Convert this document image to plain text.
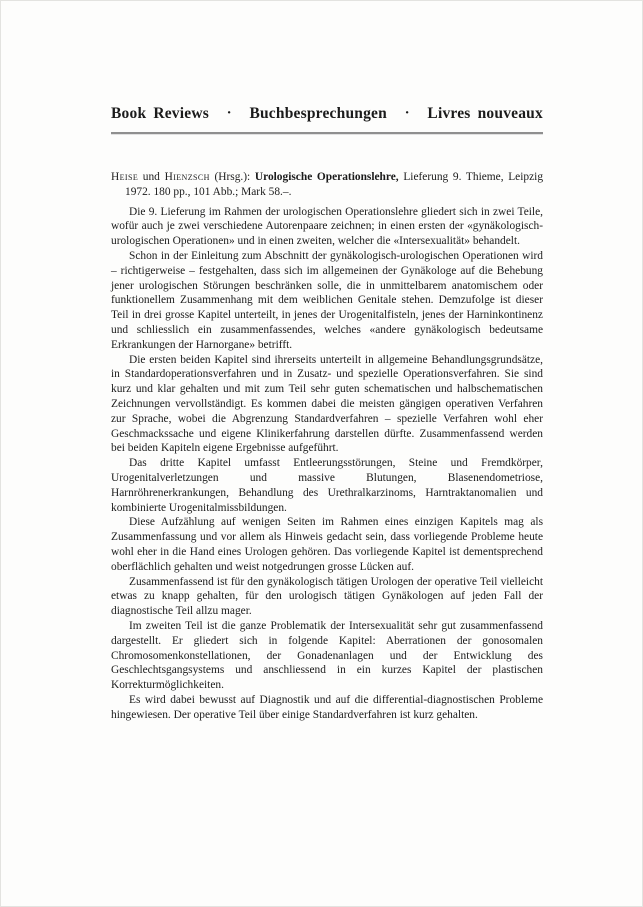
Book Reviews · Buchbesprechungen · Livres nouveaux
Heise und Hienzsch (Hrsg.): Urologische Operationslehre, Lieferung 9. Thieme, Leipzig 1972. 180 pp., 101 Abb.; Mark 58.–.

Die 9. Lieferung im Rahmen der urologischen Operationslehre gliedert sich in zwei Teile, wofür auch je zwei verschiedene Autorenpaare zeichnen; in einen ersten der «gynäkologisch-urologischen Operationen» und in einen zweiten, welcher die «Intersexualität» behandelt.

Schon in der Einleitung zum Abschnitt der gynäkologisch-urologischen Operationen wird – richtigerweise – festgehalten, dass sich im allgemeinen der Gynäkologe auf die Behebung jener urologischen Störungen beschränken solle, die in unmittelbarem anatomischem oder funktionellem Zusammenhang mit dem weiblichen Genitale stehen. Demzufolge ist dieser Teil in drei grosse Kapitel unterteilt, in jenes der Urogenitalfisteln, jenes der Harninkontinenz und schliesslich ein zusammenfassendes, welches «andere gynäkologisch bedeutsame Erkrankungen der Harnorgane» betrifft.

Die ersten beiden Kapitel sind ihrerseits unterteilt in allgemeine Behandlungsgrundsätze, in Standardoperationsverfahren und in Zusatz- und spezielle Operationsverfahren. Sie sind kurz und klar gehalten und mit zum Teil sehr guten schematischen und halbschematischen Zeichnungen vervollständigt. Es kommen dabei die meisten gängigen operativen Verfahren zur Sprache, wobei die Abgrenzung Standardverfahren – spezielle Verfahren wohl eher Geschmackssache und eigene Klinikerfahrung darstellen dürfte. Zusammenfassend werden bei beiden Kapiteln eigene Ergebnisse aufgeführt.

Das dritte Kapitel umfasst Entleerungsstörungen, Steine und Fremdkörper, Urogenitalverletzungen und massive Blutungen, Blasenendometriose, Harnröhrenerkrankungen, Behandlung des Urethralkarzinoms, Harntraktanomalien und kombinierte Urogenitalmissbildungen.

Diese Aufzählung auf wenigen Seiten im Rahmen eines einzigen Kapitels mag als Zusammenfassung und vor allem als Hinweis gedacht sein, dass vorliegende Probleme heute wohl eher in die Hand eines Urologen gehören. Das vorliegende Kapitel ist dementsprechend oberflächlich gehalten und weist notgedrungen grosse Lücken auf.

Zusammenfassend ist für den gynäkologisch tätigen Urologen der operative Teil vielleicht etwas zu knapp gehalten, für den urologisch tätigen Gynäkologen auf jeden Fall der diagnostische Teil allzu mager.

Im zweiten Teil ist die ganze Problematik der Intersexualität sehr gut zusammenfassend dargestellt. Er gliedert sich in folgende Kapitel: Aberrationen der gonosomalen Chromosomenkonstellationen, der Gonadenanlagen und der Entwicklung des Geschlechtsgangsystems und anschliessend in ein kurzes Kapitel der plastischen Korrekturmöglichkeiten.

Es wird dabei bewusst auf Diagnostik und auf die differential-diagnostischen Probleme hingewiesen. Der operative Teil über einige Standardverfahren ist kurz gehalten.
